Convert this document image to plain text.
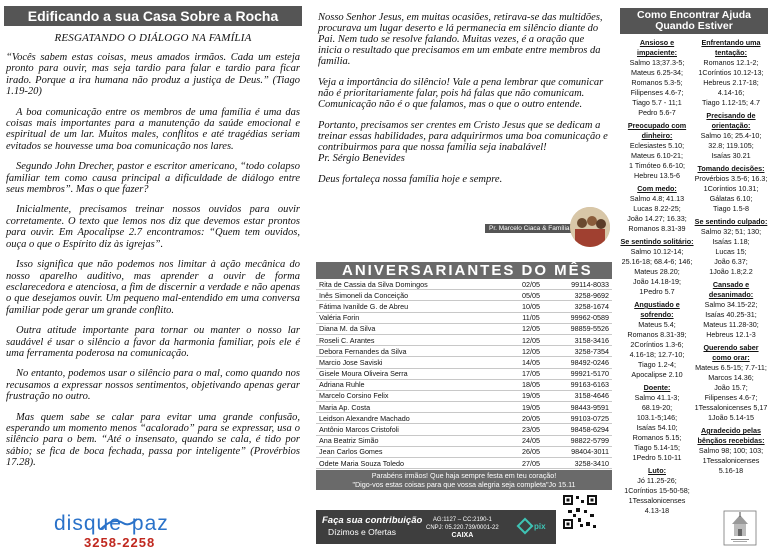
Edificando a sua Casa Sobre a Rocha
RESGATANDO O DIÁLOGO NA FAMÍLIA

“Vocês sabem estas coisas, meus amados irmãos. Cada um esteja pronto para ouvir, mas seja tardio para falar e tardio para ficar irado. Porque a ira humana não produz a justiça de Deus.” (Tiago 1.19-20)

A boa comunicação entre os membros de uma família é uma das coisas mais importantes para a manutenção da saúde emocional e espiritual de um lar. Muitos males, conflitos e até tragédias seriam evitados se houvesse uma boa comunicação nos lares.

Segundo John Drecher, pastor e escritor americano, “todo colapso familiar tem como causa principal a dificuldade de diálogo entre seus membros”. Mas o que fazer?

Inicialmente, precisamos treinar nossos ouvidos para ouvir corretamente. O texto que lemos nos diz que devemos estar prontos para ouvir. Em Apocalipse 2.7 encontramos: “Quem tem ouvidos, ouça o que o Espírito diz às igrejas”.

Isso significa que não podemos nos limitar à ação mecânica do nosso aparelho auditivo, mas aprender a ouvir de forma esclarecedora e atenciosa, a fim de discernir a verdade e não apenas o que desejamos ouvir. Um pequeno mal-entendido em uma conversa familiar pode gerar um grande conflito.

Outra atitude importante para tornar ou manter o nosso lar saudável é usar o silêncio a favor da harmonia familiar, pois ele é uma ferramenta poderosa na comunicação.

No entanto, podemos usar o silêncio para o mal, como quando nos recusamos a expressar nossos sentimentos, objetivando apenas gerar frustração no outro.

Mas quem sabe se calar para evitar uma grande confusão, esperando um momento menos “acalorado” para se expressar, usa o silêncio para o bem. “Até o insensato, quando se cala, é tido por sábio; se fica de boca fechada, passa por inteligente” (Provérbios 17.28).

disque paz
3258-2258

Nosso Senhor Jesus, em muitas ocasiões, retirava-se das multidões, procurava um lugar deserto e lá permanecia em silêncio diante do Pai. Nem tudo se resolve falando. Muitas vezes, é a oração que inicia o resultado que precisamos em um embate entre membros da família.

Veja a importância do silêncio! Vale a pena lembrar que comunicar não é prioritariamente falar, pois há falas que não comunicam. Comunicação não é o que falamos, mas o que o outro entende.

Portanto, precisamos ser crentes em Cristo Jesus que se dedicam a treinar essas habilidades, para adquirirmos uma boa comunicação e contribuirmos para que nossa família seja inabalável!

Pr. Sérgio Benevides

Deus fortaleça nossa família hoje e sempre.

Pr. Marcelo Ciaca & Família
ANIVERSARIANTES DO MÊS
Rita de Cassia da Silva Domingos	02/05	99114-8033
Inês Simoneli da Conceição	05/05	3258-9692
Fátima Ivanilde G. de Abreu	10/05	3258-1674
Valéria Forin	11/05	99962-0589
Diana M. da Silva	12/05	98859-5526
Roseli C. Arantes	12/05	3158-3416
Debora Fernandes da Silva	12/05	3258-7354
Marcio Jose Saviski	14/05	98492-0246
Gisele Moura Oliveira Serra	17/05	99921-5170
Adriana Ruhle	18/05	99163-6163
Marcelo Corsino Felix	19/05	3158-4646
Maria Ap. Costa	19/05	98443-9591
Leidson Alexandre Machado	20/05	99103-0725
Antônio Marcos Cristofoli	23/05	98458-6294
Ana Beatriz Simão	24/05	98822-5799
Jean Carlos Gomes	26/05	98404-3011
Odete Maria Souza Toledo	27/05	3258-3410
Parabéns irmãos! Que haja sempre festa em teu coração!
"Digo-vos estas coisas para que vossa alegria seja completa"Jo 15.11
Faça sua contribuição
Dízimos e Ofertas
AG:1127 – CC:2190-1
CNPJ: 05.220.739/0001-22
CAIXA
pix
Como Encontrar Ajuda
Quando Estiver
Ansioso e impaciente:
Salmo 13;37.3-5;
Mateus 6.25-34;
Romanos 5.3-5;
Filipenses 4.6-7;
Tiago 5.7 - 11;1
Pedro 5.6-7
Preocupado com dinheiro:
Eclesiastes 5.10;
Mateus 6.10-21;
1 Timóteo 6.6-10;
Hebreu 13.5-6
Com medo:
Salmo 4.8; 41.13
Lucas 8.22-25;
João 14.27; 16.33;
Romanos 8.31-39
Se sentindo solitário:
Salmo 10.12-14;
25.16-18; 68.4-6; 146;
Mateus 28.20;
João 14.18-19;
1Pedro 5.7
Angustiado e sofrendo:
Mateus 5.4;
Romanos 8.31-39;
2Coríntios 1.3-6;
4.16-18; 12.7-10;
Tiago 1.2-4;
Apocalipse 2.10
Doente:
Salmo 41.1-3;
68.19-20;
103.1-5;146;
Isaías 54.10;
Romanos 5.15;
Tiago 5.14-15;
1Pedro 5.10-11
Luto:
Jó 11.25-26;
1Coríntios 15-50-58;
1Tessalonicenses
4.13-18
Enfrentando uma tentação:
Romanos 12.1-2;
1Coríntios 10.12-13;
Hebreus 2.17-18;
4.14-16;
Tiago 1.12-15; 4.7
Precisando de orientação:
Salmo 16; 25.4-10;
32.8; 119.105;
Isaías 30.21
Tomando decisões:
Provérbios 3.5-6; 16.3;
1Coríntios 10.31;
Gálatas 6.10;
Tiago 1.5-8
Se sentindo culpado:
Salmo 32; 51; 130;
Isaías 1.18;
Lucas 15;
João 6.37;
1João 1.8;2.2
Cansado e desanimado:
Salmo 34.15-22;
Isaías 40.25-31;
Mateus 11.28-30;
Hebreus 12.1-3
Querendo saber como orar:
Mateus 6.5-15; 7.7-11;
Marcos 14.36;
João 15.7;
Filipenses 4.6-7;
1Tessalonicenses 5,17
1João 5.14-15
Agradecido pelas bênçãos recebidas:
Salmo 98; 100; 103;
1Tessalonicenses
5.16-18
